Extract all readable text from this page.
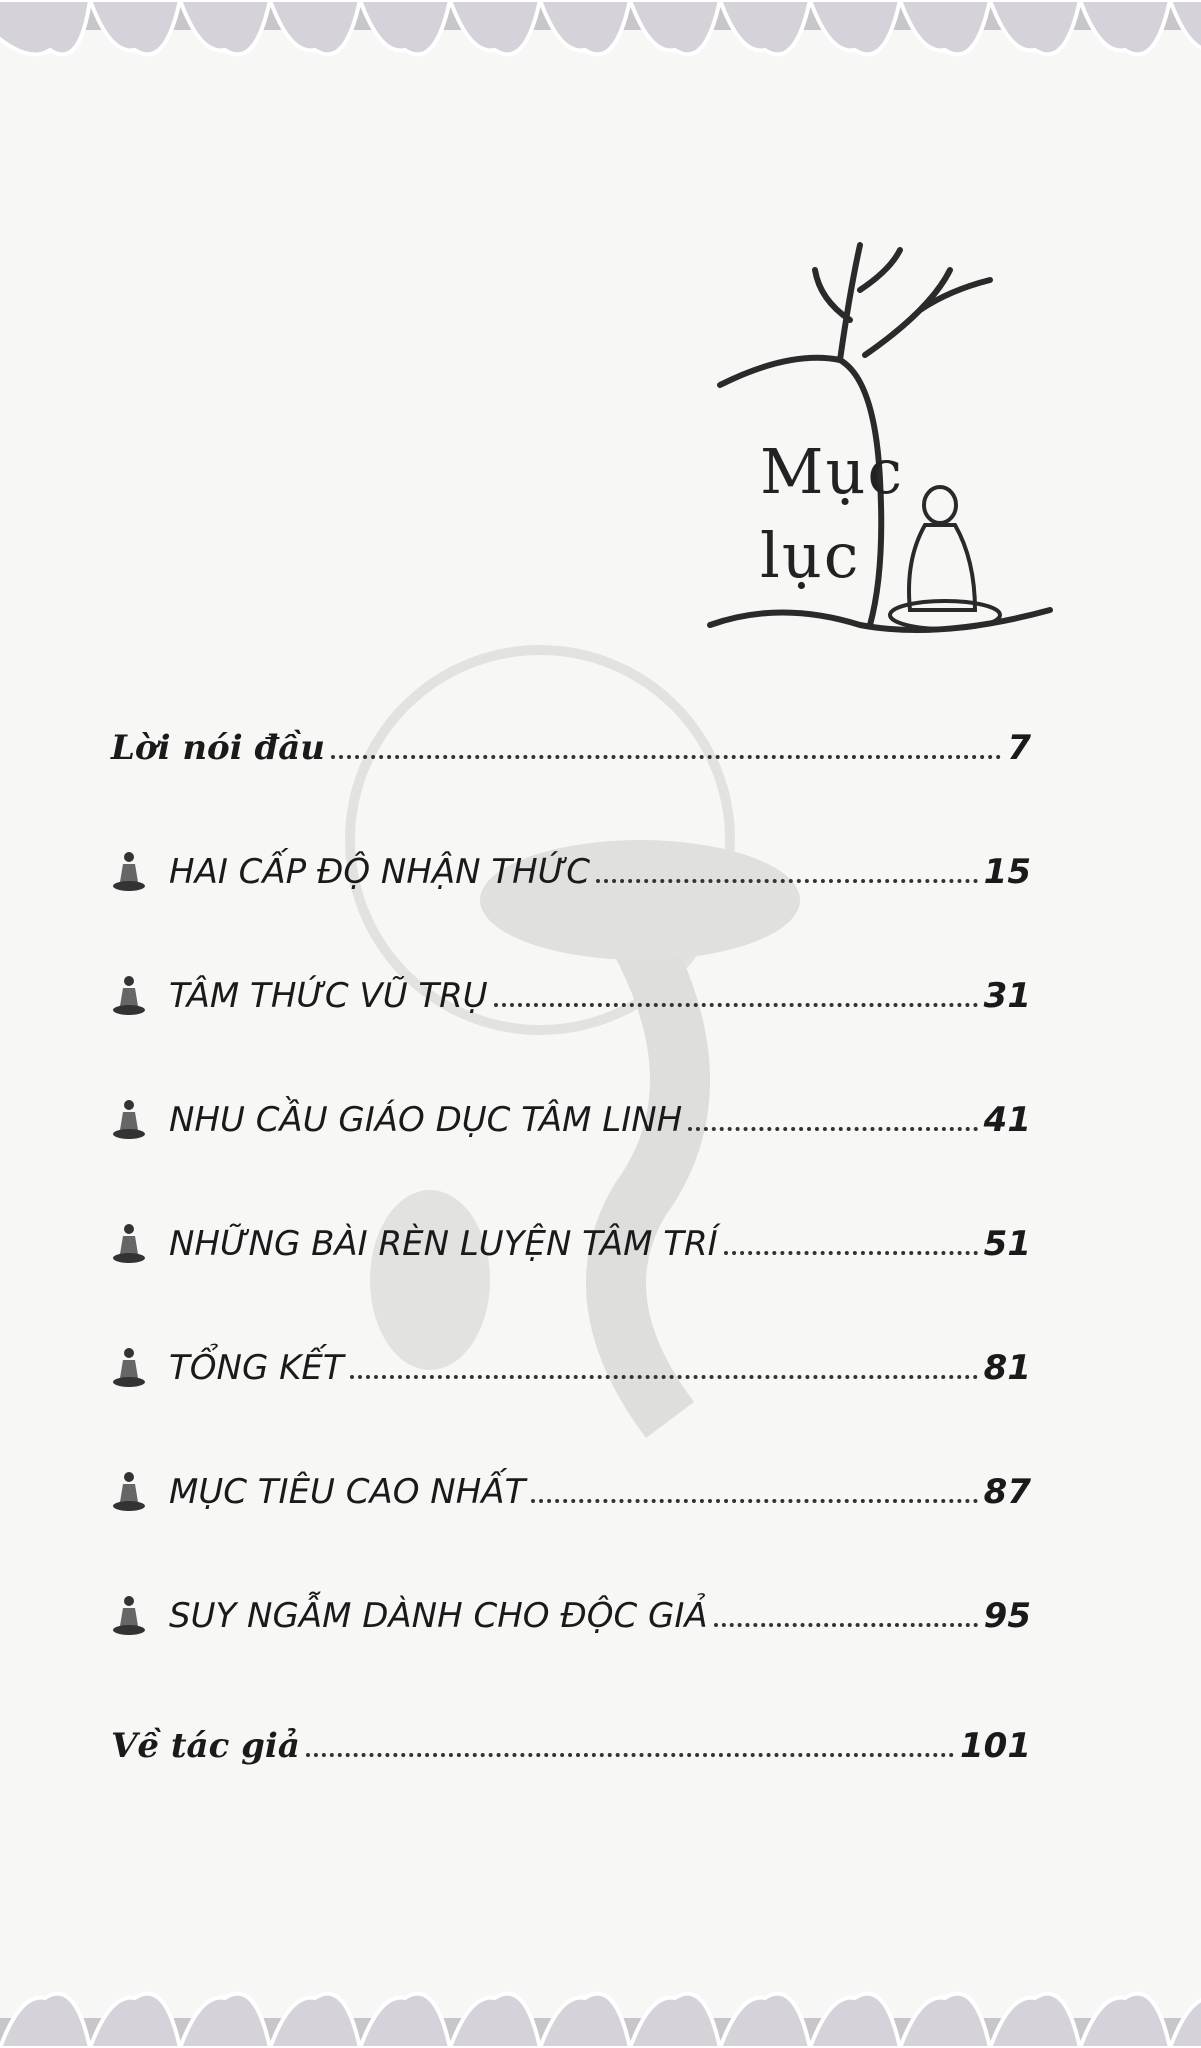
Mục
lục
Lời nói đầu	7
HAI CẤP ĐỘ NHẬN THỨC	15
TÂM THỨC VŨ TRỤ	31
NHU CẦU GIÁO DỤC TÂM LINH	41
NHỮNG BÀI RÈN LUYỆN TÂM TRÍ	51
TỔNG KẾT	81
MỤC TIÊU CAO NHẤT	87
SUY NGẪM DÀNH CHO ĐỘC GIẢ	95
Về tác giả	101
